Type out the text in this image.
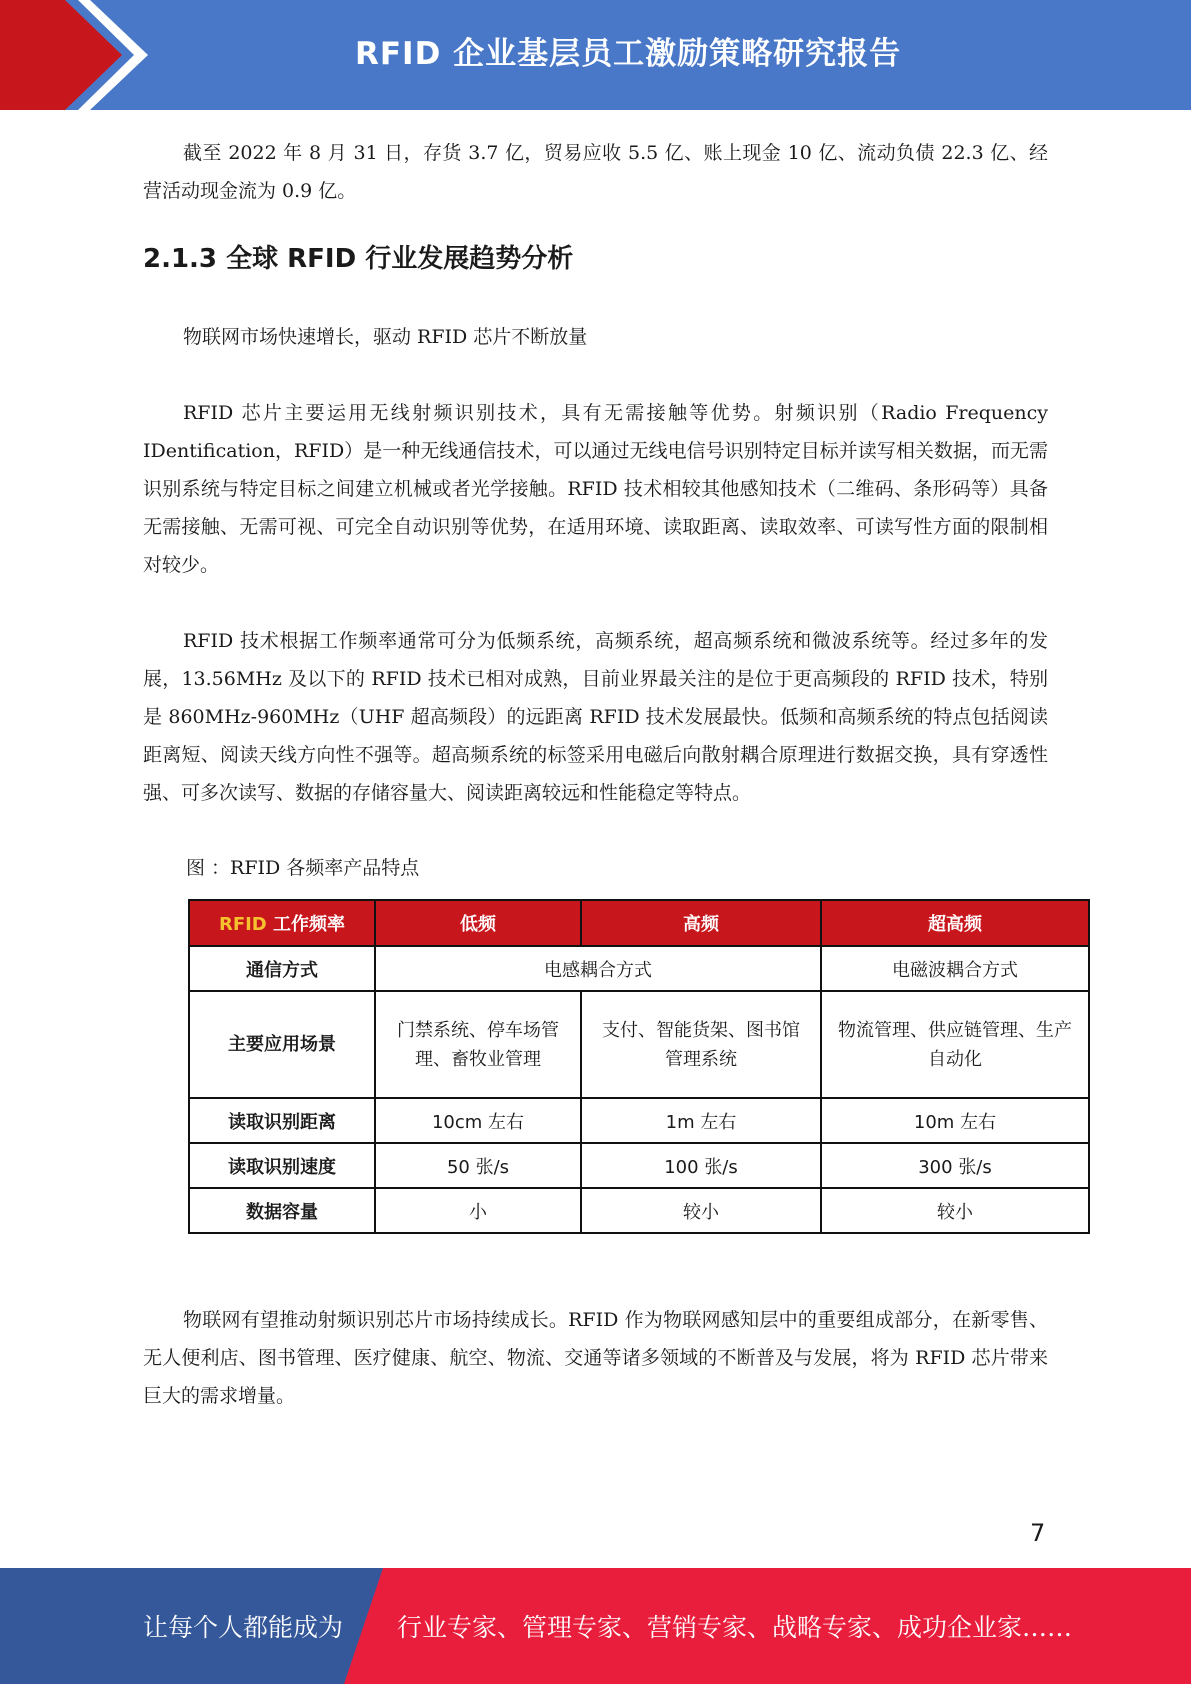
RFID 企业基层员工激励策略研究报告

截至 2022 年 8 月 31 日，存货 3.7 亿，贸易应收 5.5 亿、账上现金 10 亿、流动负债 22.3 亿、经营活动现金流为 0.9 亿。

2.1.3 全球 RFID 行业发展趋势分析

物联网市场快速增长，驱动 RFID 芯片不断放量

RFID 芯片主要运用无线射频识别技术，具有无需接触等优势。射频识别（Radio Frequency IDentification，RFID）是一种无线通信技术，可以通过无线电信号识别特定目标并读写相关数据，而无需识别系统与特定目标之间建立机械或者光学接触。RFID 技术相较其他感知技术（二维码、条形码等）具备无需接触、无需可视、可完全自动识别等优势，在适用环境、读取距离、读取效率、可读写性方面的限制相对较少。

RFID 技术根据工作频率通常可分为低频系统，高频系统，超高频系统和微波系统等。经过多年的发展，13.56MHz 及以下的 RFID 技术已相对成熟，目前业界最关注的是位于更高频段的 RFID 技术，特别是 860MHz-960MHz（UHF 超高频段）的远距离 RFID 技术发展最快。低频和高频系统的特点包括阅读距离短、阅读天线方向性不强等。超高频系统的标签采用电磁后向散射耦合原理进行数据交换，具有穿透性强、可多次读写、数据的存储容量大、阅读距离较远和性能稳定等特点。

图 ：RFID 各频率产品特点

RFID 工作频率	低频	高频	超高频
通信方式	电感耦合方式		电磁波耦合方式
主要应用场景	门禁系统、停车场管理、畜牧业管理	支付、智能货架、图书馆管理系统	物流管理、供应链管理、生产自动化
读取识别距离	10cm 左右	1m 左右	10m 左右
读取识别速度	50 张/s	100 张/s	300 张/s
数据容量	小	较小	较小

物联网有望推动射频识别芯片市场持续成长。RFID 作为物联网感知层中的重要组成部分，在新零售、无人便利店、图书管理、医疗健康、航空、物流、交通等诸多领域的不断普及与发展，将为 RFID 芯片带来巨大的需求增量。

7
让每个人都能成为 行业专家、管理专家、营销专家、战略专家、成功企业家……
